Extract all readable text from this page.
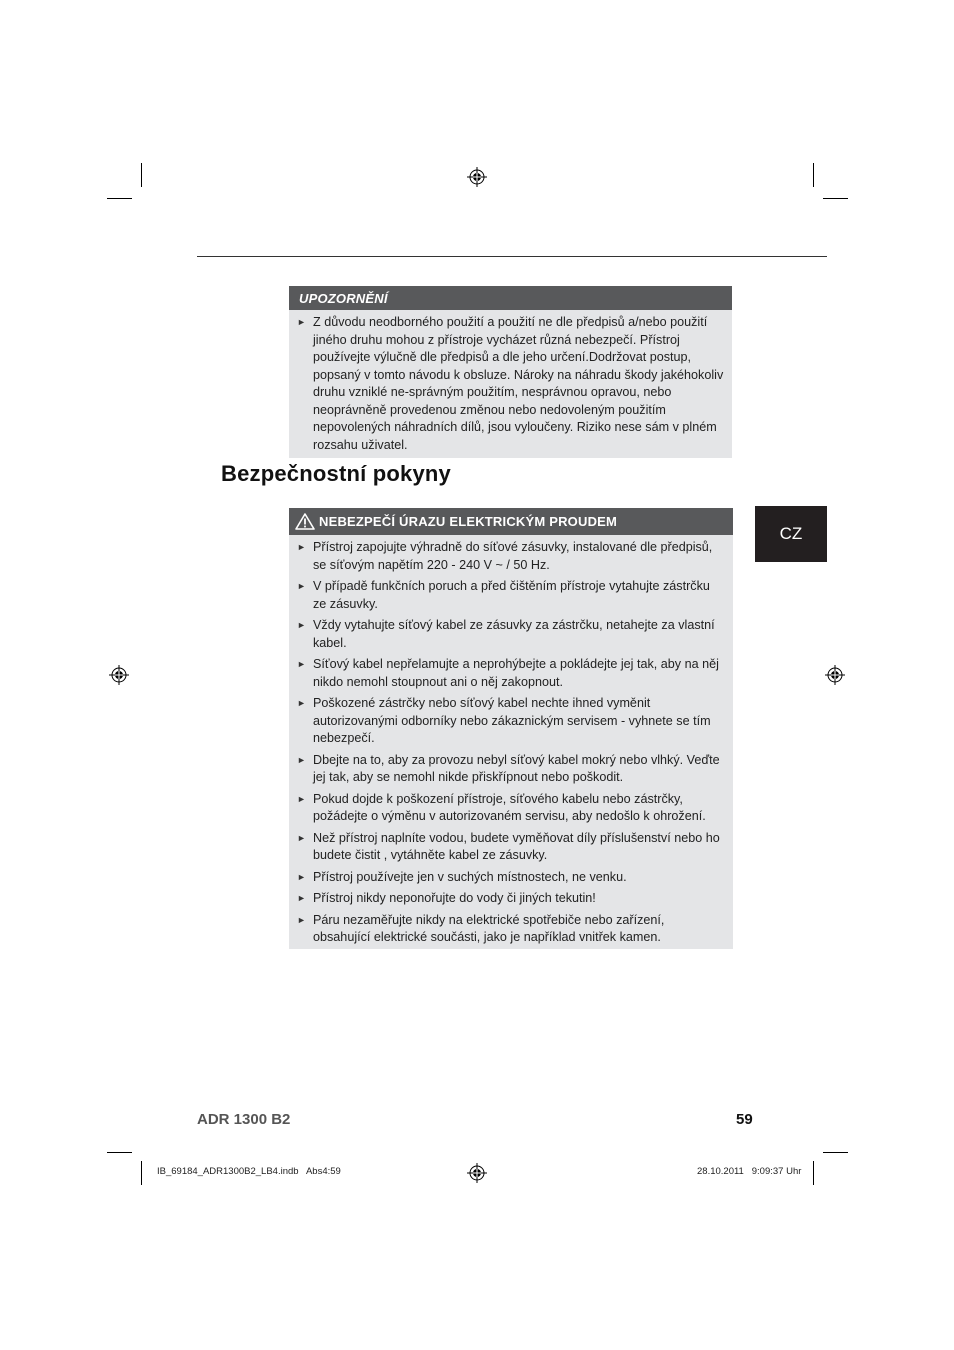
UPOZORNĚNÍ
► Z důvodu neodborného použití a použití ne dle předpisů a/nebo použití jiného druhu mohou z přístroje vycházet různá nebezpečí. Přístroj používejte výlučně dle předpisů a dle jeho určení.Dodržovat postup, popsaný v tomto návodu k obsluze. Nároky na náhradu škody jakéhokoliv druhu vzniklé ne-správným použitím, nesprávnou opravou, nebo neoprávněně provedenou změnou nebo nedovoleným použitím nepovolených náhradních dílů, jsou vyloučeny. Riziko nese sám v plném rozsahu uživatel.
Bezpečnostní pokyny
CZ
NEBEZPEČÍ ÚRAZU ELEKTRICKÝM PROUDEM
► Přístroj zapojujte výhradně do síťové zásuvky, instalované dle předpisů, se síťovým napětím 220 - 240 V ~ / 50 Hz.
► V případě funkčních poruch a před čištěním přístroje vytahujte zástrčku ze zásuvky.
► Vždy vytahujte síťový kabel ze zásuvky za zástrčku, netahejte za vlastní kabel.
► Síťový kabel nepřelamujte a neprohýbejte a pokládejte jej tak, aby na něj nikdo nemohl stoupnout ani o něj zakopnout.
► Poškozené zástrčky nebo síťový kabel nechte ihned vyměnit autorizovanými odborníky nebo zákaznickým servisem - vyhnete se tím nebezpečí.
► Dbejte na to, aby za provozu nebyl síťový kabel mokrý nebo vlhký. Veďte jej tak, aby se nemohl nikde přiskřípnout nebo poškodit.
► Pokud dojde k poškození přístroje, síťového kabelu nebo zástrčky, požádejte o výměnu v autorizovaném servisu, aby nedošlo k ohrožení.
► Než přístroj naplníte vodou, budete vyměňovat díly příslušenství nebo ho budete čistit , vytáhněte kabel ze zásuvky.
► Přístroj používejte jen v suchých místnostech, ne venku.
► Přístroj nikdy neponořujte do vody či jiných tekutin!
► Páru nezaměřujte nikdy na elektrické spotřebiče nebo zařízení, obsahující elektrické součásti, jako je například vnitřek kamen.
ADR 1300 B2	59
IB_69184_ADR1300B2_LB4.indb   Abs4:59	28.10.2011   9:09:37 Uhr
